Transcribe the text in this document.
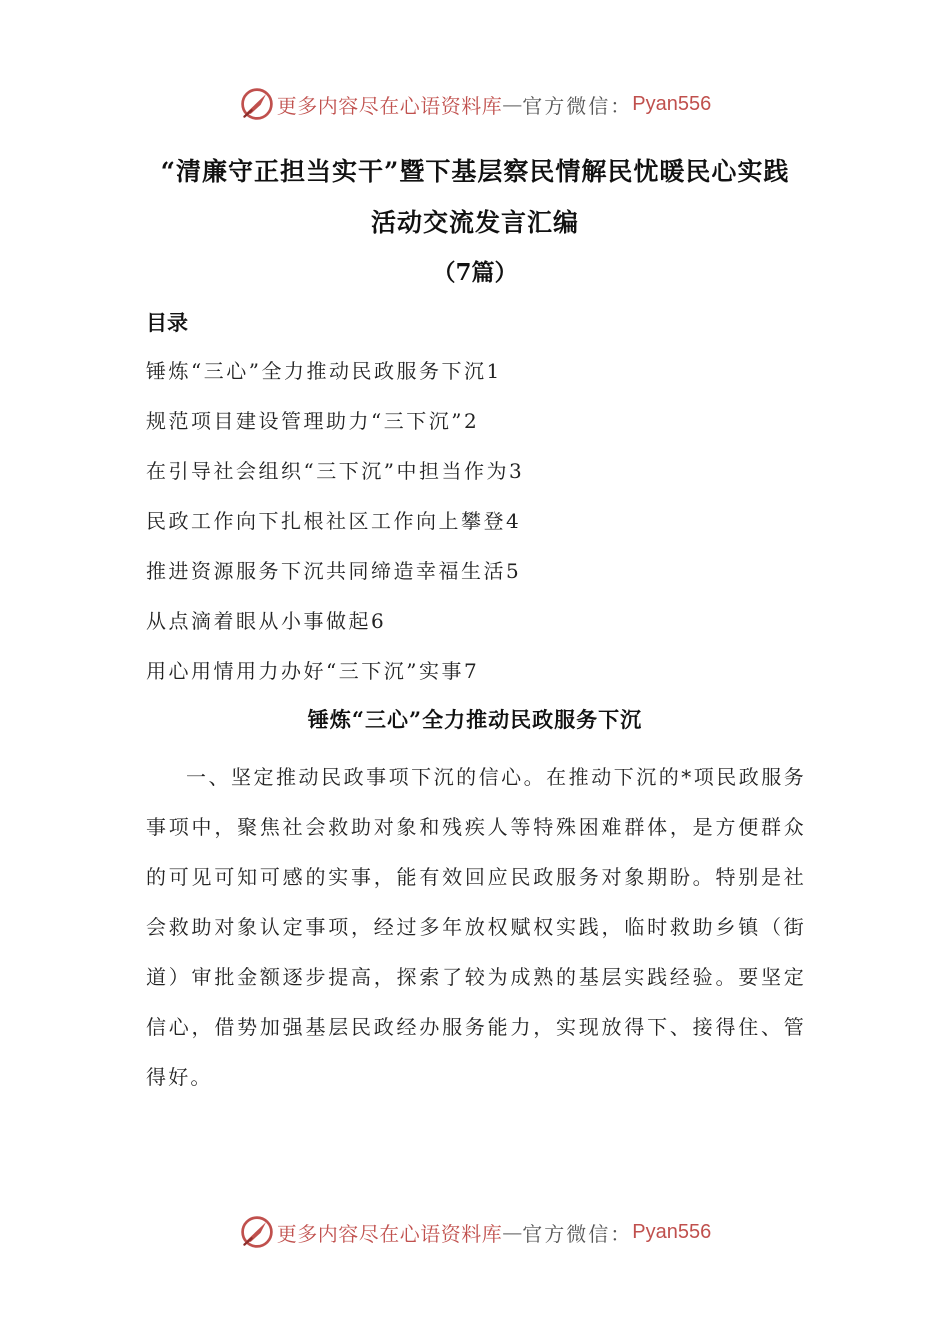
更多内容尽在心语资料库 — 官方微信： Pyan556
“清廉守正担当实干”暨下基层察民情解民忧暖民心实践
活动交流发言汇编
（7篇）
目录
锤炼“三心”全力推动民政服务下沉1
规范项目建设管理助力“三下沉”2
在引导社会组织“三下沉”中担当作为3
民政工作向下扎根社区工作向上攀登4
推进资源服务下沉共同缔造幸福生活5
从点滴着眼从小事做起6
用心用情用力办好“三下沉”实事7
锤炼“三心”全力推动民政服务下沉

一、坚定推动民政事项下沉的信心。在推动下沉的*项民政服务事项中，聚焦社会救助对象和残疾人等特殊困难群体，是方便群众的可见可知可感的实事，能有效回应民政服务对象期盼。特别是社会救助对象认定事项，经过多年放权赋权实践，临时救助乡镇（街道）审批金额逐步提高，探索了较为成熟的基层实践经验。要坚定信心，借势加强基层民政经办服务能力，实现放得下、接得住、管得好。

更多内容尽在心语资料库 — 官方微信： Pyan556
